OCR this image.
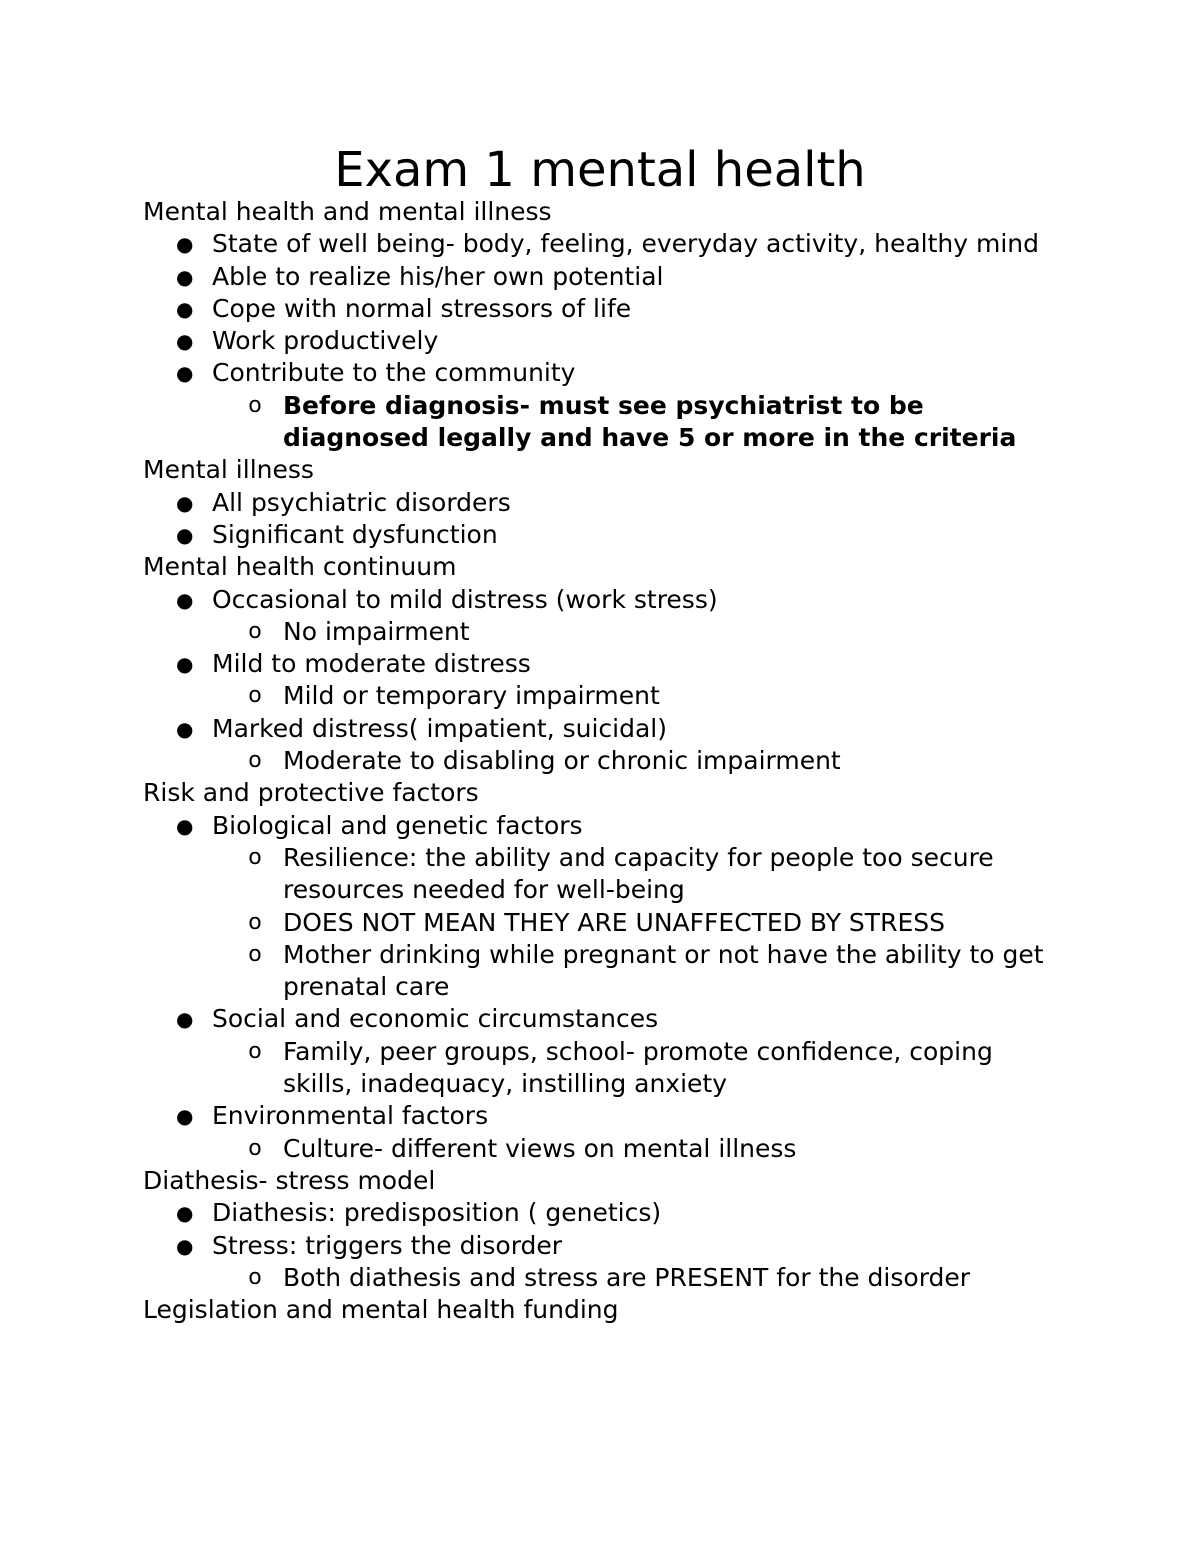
Exam 1 mental health

Mental health and mental illness

● State of well being- body, feeling, everyday activity, healthy mind
● Able to realize his/her own potential
● Cope with normal stressors of life
● Work productively
● Contribute to the community
o Before diagnosis- must see psychiatrist to be diagnosed legally and have 5 or more in the criteria

Mental illness

● All psychiatric disorders
● Significant dysfunction

Mental health continuum

● Occasional to mild distress (work stress)
o No impairment
● Mild to moderate distress
o Mild or temporary impairment
● Marked distress( impatient, suicidal)
o Moderate to disabling or chronic impairment

Risk and protective factors

● Biological and genetic factors
o Resilience: the ability and capacity for people too secure resources needed for well-being
o DOES NOT MEAN THEY ARE UNAFFECTED BY STRESS
o Mother drinking while pregnant or not have the ability to get prenatal care
● Social and economic circumstances
o Family, peer groups, school- promote confidence, coping skills, inadequacy, instilling anxiety
● Environmental factors
o Culture- different views on mental illness

Diathesis- stress model

● Diathesis: predisposition ( genetics)
● Stress: triggers the disorder
o Both diathesis and stress are PRESENT for the disorder

Legislation and mental health funding
